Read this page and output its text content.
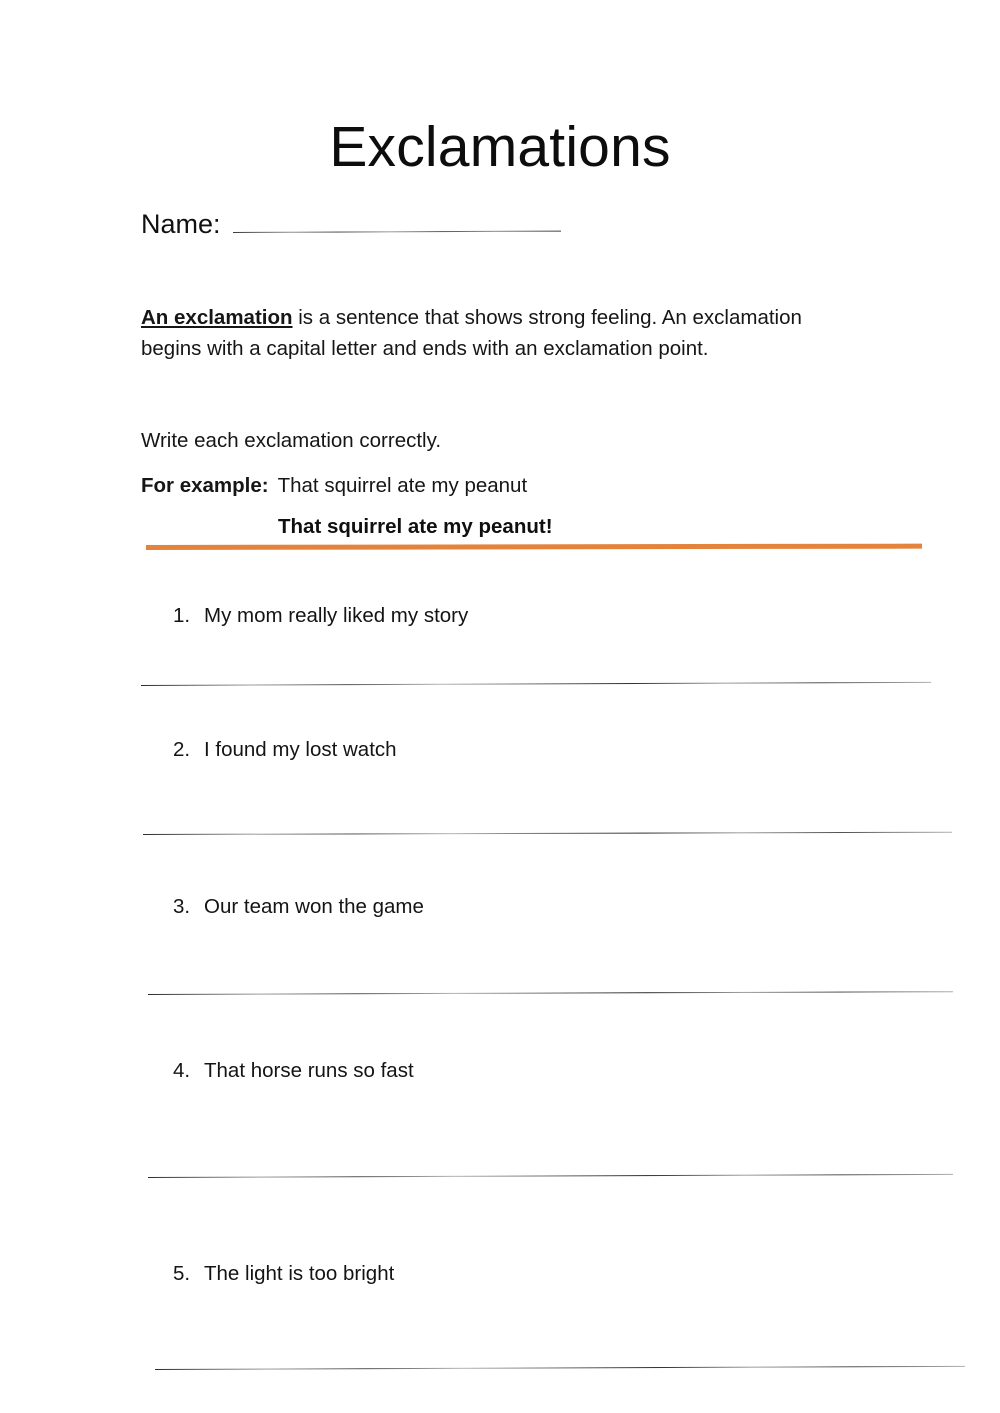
Exclamations
Name:
An exclamation is a sentence that shows strong feeling. An exclamation begins with a capital letter and ends with an exclamation point.
Write each exclamation correctly.
For example: That squirrel ate my peanut
That squirrel ate my peanut!
1. My mom really liked my story
2. I found my lost watch
3. Our team won the game
4. That horse runs so fast
5. The light is too bright
